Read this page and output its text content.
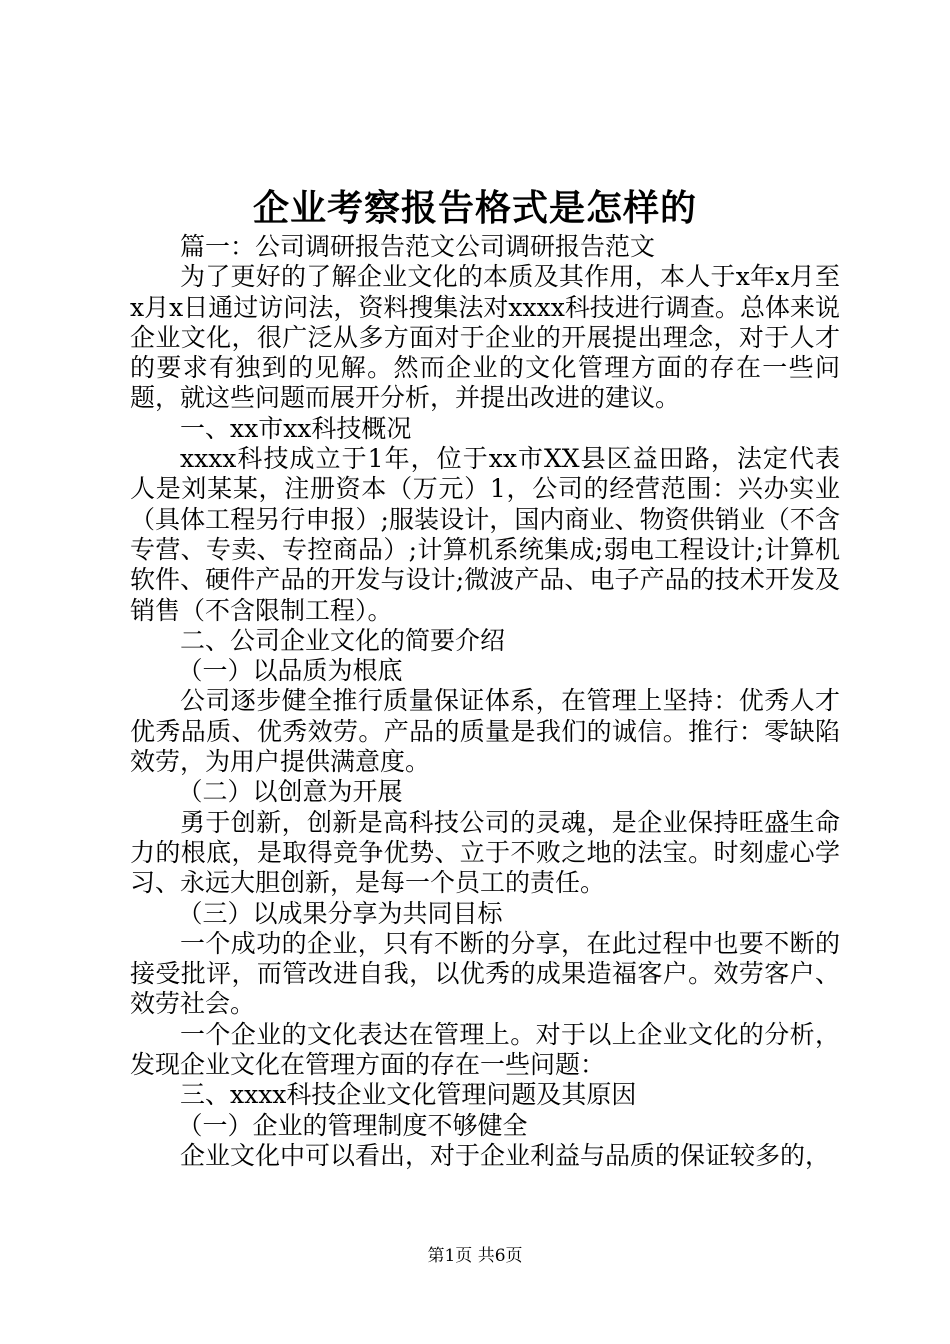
企业考察报告格式是怎样的

篇一：公司调研报告范文公司调研报告范文

为了更好的了解企业文化的本质及其作用，本人于x年x月至x月x日通过访问法，资料搜集法对xxxx科技进行调查。总体来说企业文化，很广泛从多方面对于企业的开展提出理念，对于人才的要求有独到的见解。然而企业的文化管理方面的存在一些问题，就这些问题而展开分析，并提出改进的建议。

一、xx市xx科技概况

xxxx科技成立于1年，位于xx市XX县区益田路，法定代表人是刘某某，注册资本（万元）1，公司的经营范围：兴办实业（具体工程另行申报）;服装设计，国内商业、物资供销业（不含专营、专卖、专控商品）;计算机系统集成;弱电工程设计;计算机软件、硬件产品的开发与设计;微波产品、电子产品的技术开发及销售（不含限制工程）。

二、公司企业文化的简要介绍

（一）以品质为根底

公司逐步健全推行质量保证体系，在管理上坚持：优秀人才优秀品质、优秀效劳。产品的质量是我们的诚信。推行：零缺陷效劳，为用户提供满意度。

（二）以创意为开展

勇于创新，创新是高科技公司的灵魂，是企业保持旺盛生命力的根底，是取得竞争优势、立于不败之地的法宝。时刻虚心学习、永远大胆创新，是每一个员工的责任。

（三）以成果分享为共同目标

一个成功的企业，只有不断的分享，在此过程中也要不断的接受批评，而管改进自我，以优秀的成果造福客户。效劳客户、效劳社会。

一个企业的文化表达在管理上。对于以上企业文化的分析，发现企业文化在管理方面的存在一些问题：

三、xxxx科技企业文化管理问题及其原因

（一）企业的管理制度不够健全

企业文化中可以看出，对于企业利益与品质的保证较多的，

第1页 共6页
